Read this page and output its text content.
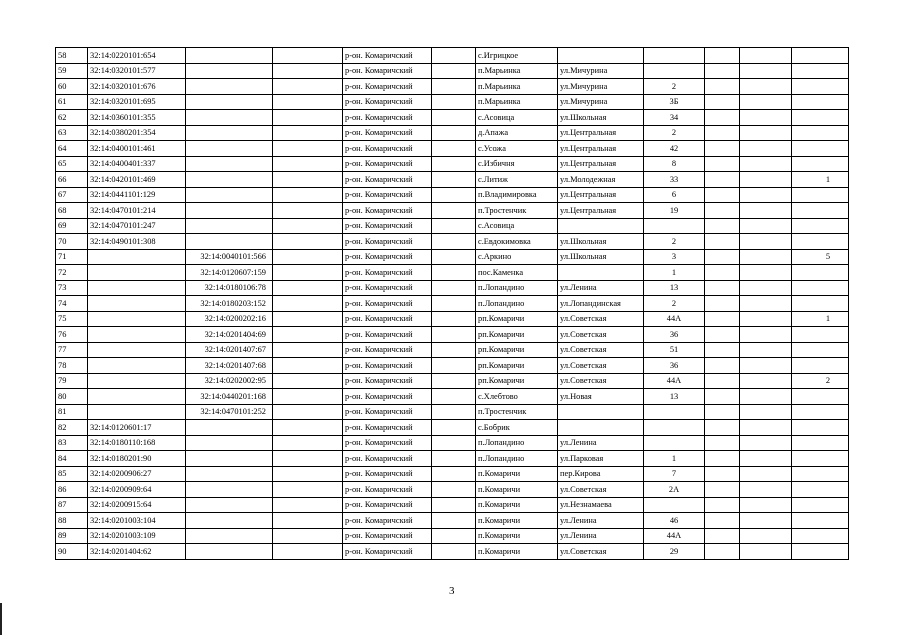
58	32:14:0220101:654			р-он. Комаричский		с.Игрицкое					
59	32:14:0320101:577			р-он. Комаричский		п.Марьинка	ул.Мичурина				
60	32:14:0320101:676			р-он. Комаричский		п.Марьинка	ул.Мичурина	2			
61	32:14:0320101:695			р-он. Комаричский		п.Марьинка	ул.Мичурина	3Б			
62	32:14:0360101:355			р-он. Комаричский		с.Асовица	ул.Школьная	34			
63	32:14:0380201:354			р-он. Комаричский		д.Апажа	ул.Центральная	2			
64	32:14:0400101:461			р-он. Комаричский		с.Усожа	ул.Центральная	42			
65	32:14:0400401:337			р-он. Комаричский		с.Избичня	ул.Центральная	8			
66	32:14:0420101:469			р-он. Комаричский		с.Литиж	ул.Молодежная	33			1
67	32:14:0441101:129			р-он. Комаричский		п.Владимировка	ул.Центральная	6			
68	32:14:0470101:214			р-он. Комаричский		п.Тростенчик	ул.Центральная	19			
69	32:14:0470101:247			р-он. Комаричский		с.Асовица					
70	32:14:0490101:308			р-он. Комаричский		с.Евдокимовка	ул.Школьная	2			
71		32:14:0040101:566		р-он. Комаричский		с.Аркино	ул.Школьная	3			5
72		32:14:0120607:159		р-он. Комаричский		пос.Каменка		1			
73		32:14:0180106:78		р-он. Комаричский		п.Лопандино	ул.Ленина	13			
74		32:14:0180203:152		р-он. Комаричский		п.Лопандино	ул.Лопандинская	2			
75		32:14:0200202:16		р-он. Комаричский		рп.Комаричи	ул.Советская	44А			1
76		32:14:0201404:69		р-он. Комаричский		рп.Комаричи	ул.Советская	36			
77		32:14:0201407:67		р-он. Комаричский		рп.Комаричи	ул.Советская	51			
78		32:14:0201407:68		р-он. Комаричский		рп.Комаричи	ул.Советская	36			
79		32:14:0202002:95		р-он. Комаричский		рп.Комаричи	ул.Советская	44А			2
80		32:14:0440201:168		р-он. Комаричский		с.Хлебтово	ул.Новая	13			
81		32:14:0470101:252		р-он. Комаричский		п.Тростенчик					
82	32:14:0120601:17			р-он. Комаричский		с.Бобрик					
83	32:14:0180110:168			р-он. Комаричский		п.Лопандино	ул.Ленина				
84	32:14:0180201:90			р-он. Комаричский		п.Лопандино	ул.Парковая	1			
85	32:14:0200906:27			р-он. Комаричский		п.Комаричи	пер.Кирова	7			
86	32:14:0200909:64			р-он. Комаричский		п.Комаричи	ул.Советская	2А			
87	32:14:0200915:64			р-он. Комаричский		п.Комаричи	ул.Незнамаева				
88	32:14:0201003:104			р-он. Комаричский		п.Комаричи	ул.Ленина	46			
89	32:14:0201003:109			р-он. Комаричский		п.Комаричи	ул.Ленина	44А			
90	32:14:0201404:62			р-он. Комаричский		п.Комаричи	ул.Советская	29			
3
